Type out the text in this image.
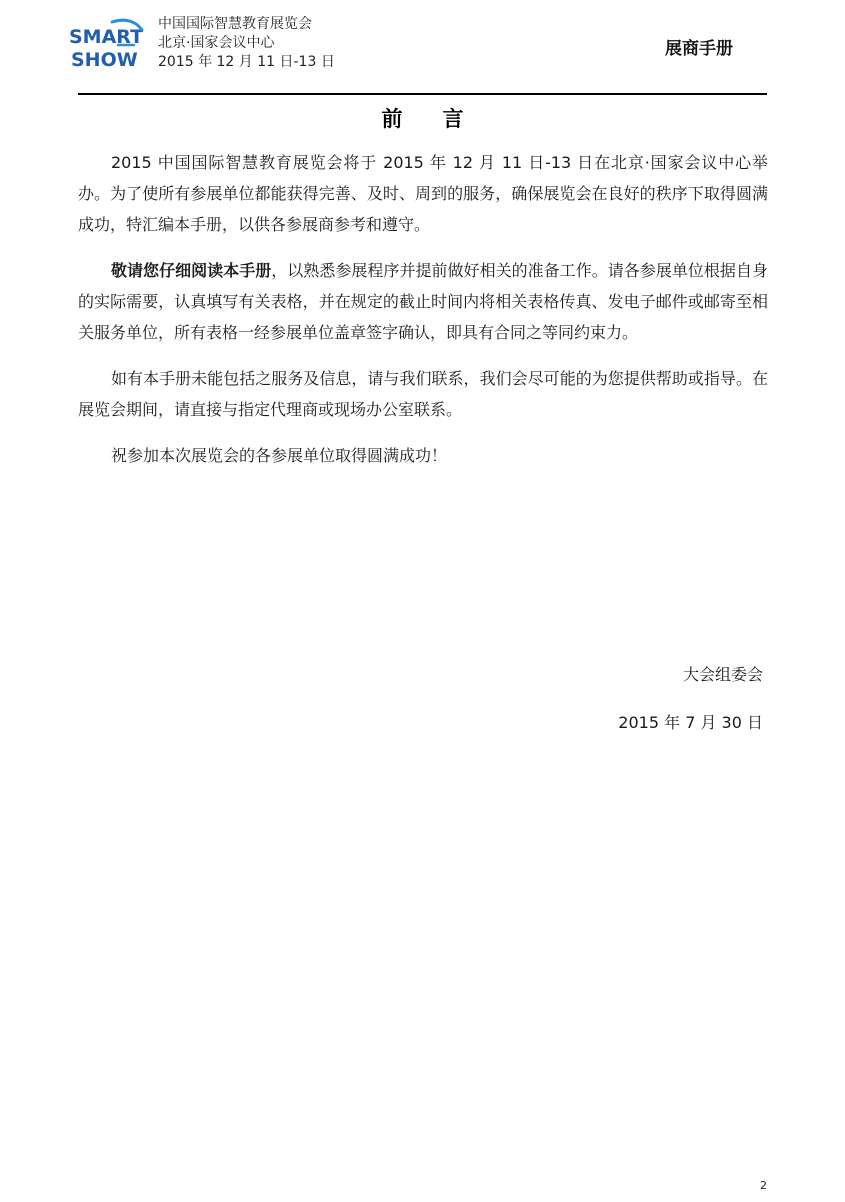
SMART
SHOW
中国国际智慧教育展览会
北京·国家会议中心
2015 年 12 月 11 日-13 日
展商手册
前言

2015 中国国际智慧教育展览会将于 2015 年 12 月 11 日-13 日在北京·国家会议中心举办。为了使所有参展单位都能获得完善、及时、周到的服务，确保展览会在良好的秩序下取得圆满成功，特汇编本手册，以供各参展商参考和遵守。

敬请您仔细阅读本手册，以熟悉参展程序并提前做好相关的准备工作。请各参展单位根据自身的实际需要，认真填写有关表格，并在规定的截止时间内将相关表格传真、发电子邮件或邮寄至相关服务单位，所有表格一经参展单位盖章签字确认，即具有合同之等同约束力。

如有本手册未能包括之服务及信息，请与我们联系，我们会尽可能的为您提供帮助或指导。在展览会期间，请直接与指定代理商或现场办公室联系。

祝参加本次展览会的各参展单位取得圆满成功！

大会组委会
2015 年 7 月 30 日
2
